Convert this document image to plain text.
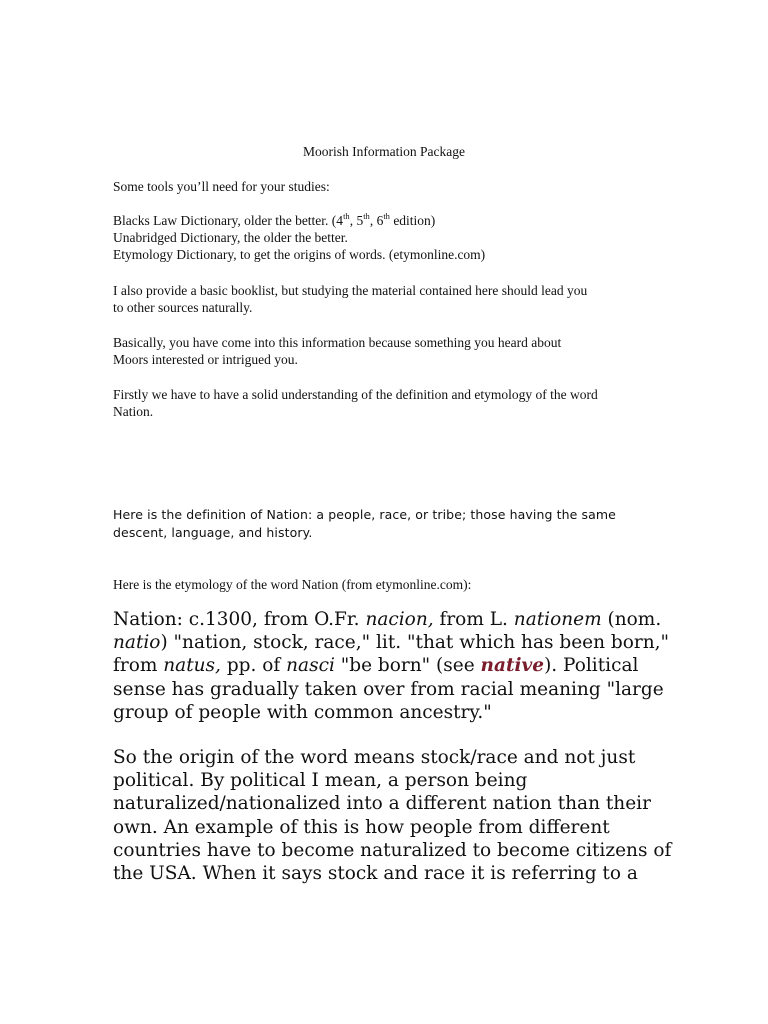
Moorish Information Package
Some tools you’ll need for your studies:
Blacks Law Dictionary, older the better. (4th, 5th, 6th edition)
Unabridged Dictionary, the older the better.
Etymology Dictionary, to get the origins of words. (etymonline.com)
I also provide a basic booklist, but studying the material contained here should lead you
to other sources naturally.
Basically, you have come into this information because something you heard about
Moors interested or intrigued you.
Firstly we have to have a solid understanding of the definition and etymology of the word
Nation.
Here is the definition of Nation: a people, race, or tribe; those having the same
descent, language, and history.
Here is the etymology of the word Nation (from etymonline.com):
Nation: c.1300, from O.Fr. nacion, from L. nationem (nom.
natio) "nation, stock, race," lit. "that which has been born,"
from natus, pp. of nasci "be born" (see native). Political
sense has gradually taken over from racial meaning "large
group of people with common ancestry."
So the origin of the word means stock/race and not just
political. By political I mean, a person being
naturalized/nationalized into a different nation than their
own. An example of this is how people from different
countries have to become naturalized to become citizens of
the USA. When it says stock and race it is referring to a
